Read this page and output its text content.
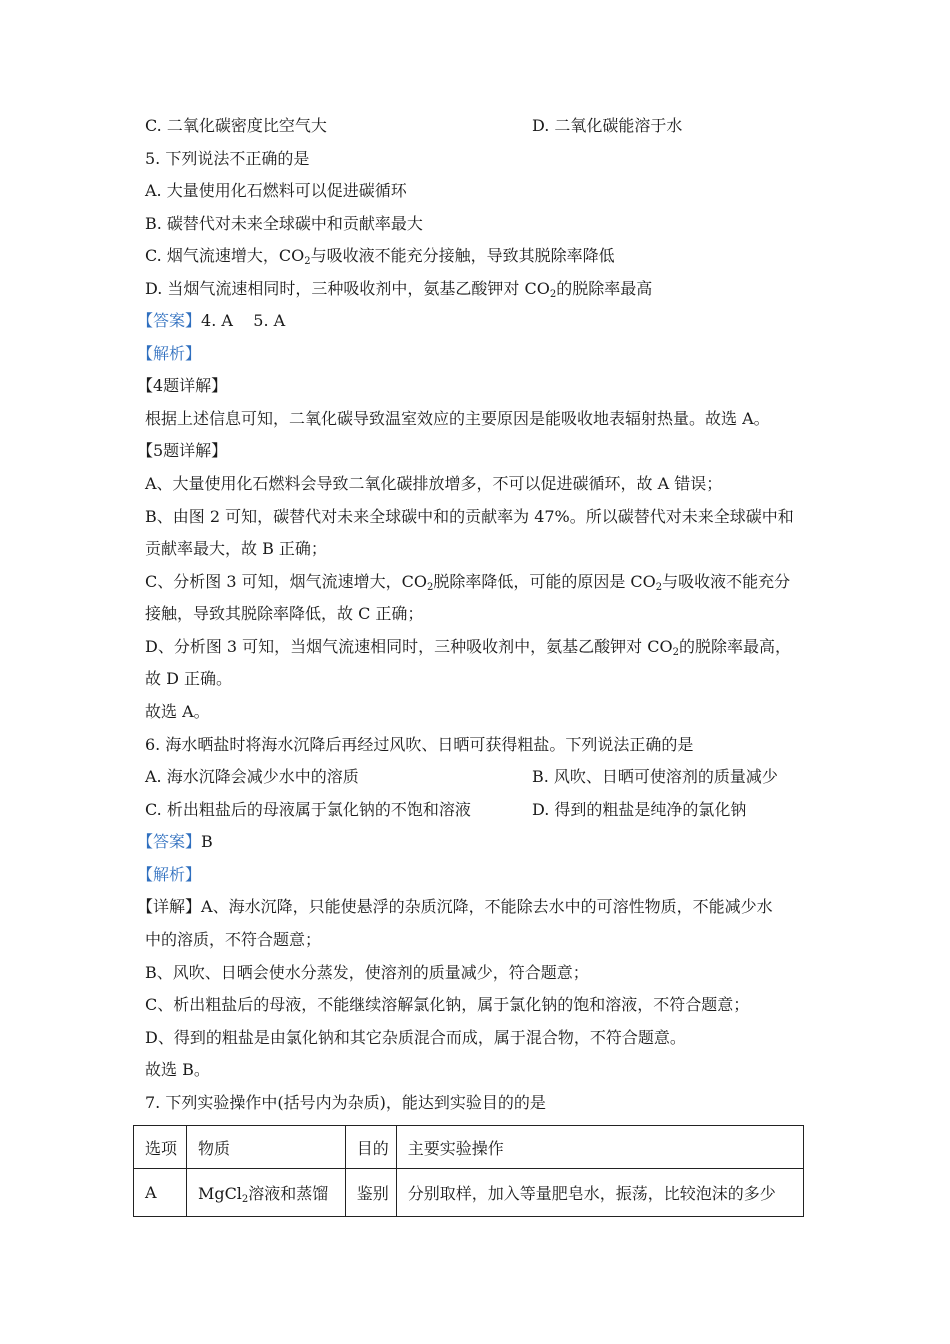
C. 二氧化碳密度比空气大	D. 二氧化碳能溶于水
5. 下列说法不正确的是
A. 大量使用化石燃料可以促进碳循环
B. 碳替代对未来全球碳中和贡献率最大
C. 烟气流速增大，$CO_2$与吸收液不能充分接触，导致其脱除率降低
D. 当烟气流速相同时，三种吸收剂中，氨基乙酸钾对 $CO_2$的脱除率最高
【答案】4. A    5. A
【解析】
【4题详解】
根据上述信息可知，二氧化碳导致温室效应的主要原因是能吸收地表辐射热量。故选 A。
【5题详解】
A、大量使用化石燃料会导致二氧化碳排放增多，不可以促进碳循环，故 A 错误；
B、由图 2 可知，碳替代对未来全球碳中和的贡献率为 47%。所以碳替代对未来全球碳中和
贡献率最大，故 B 正确；
C、分析图 3 可知，烟气流速增大，$CO_2$脱除率降低，可能的原因是 $CO_2$与吸收液不能充分
接触，导致其脱除率降低，故 C 正确；
D、分析图 3 可知，当烟气流速相同时，三种吸收剂中，氨基乙酸钾对 $CO_2$的脱除率最高，
故 D 正确。
故选 A。
6. 海水晒盐时将海水沉降后再经过风吹、日晒可获得粗盐。下列说法正确的是
A. 海水沉降会减少水中的溶质	B. 风吹、日晒可使溶剂的质量减少
C. 析出粗盐后的母液属于氯化钠的不饱和溶液	D. 得到的粗盐是纯净的氯化钠
【答案】B
【解析】
【详解】A、海水沉降，只能使悬浮的杂质沉降，不能除去水中的可溶性物质，不能减少水
中的溶质，不符合题意；
B、风吹、日晒会使水分蒸发，使溶剂的质量减少，符合题意；
C、析出粗盐后的母液，不能继续溶解氯化钠，属于氯化钠的饱和溶液，不符合题意；
D、得到的粗盐是由氯化钠和其它杂质混合而成，属于混合物，不符合题意。
故选 B。
7. 下列实验操作中(括号内为杂质)，能达到实验目的的是
选项	物质	目的	主要实验操作
A	MgCl$_2$溶液和蒸馏	鉴别	分别取样，加入等量肥皂水，振荡，比较泡沫的多少
